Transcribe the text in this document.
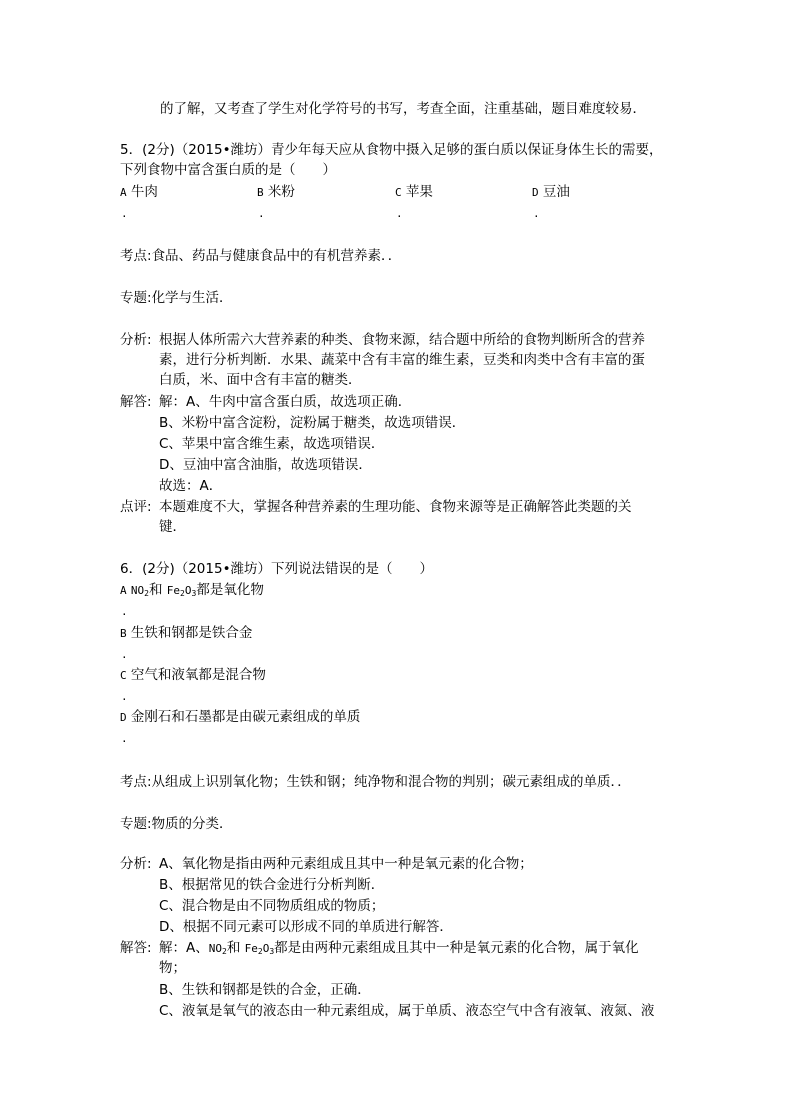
的了解，又考查了学生对化学符号的书写，考查全面，注重基础，题目难度较易．
5．(2分)（2015•潍坊）青少年每天应从食物中摄入足够的蛋白质以保证身体生长的需要，
下列食物中富含蛋白质的是（　　）
A 牛肉	B 米粉	C 苹果	D 豆油
.	.	.	.
考点:食品、药品与健康食品中的有机营养素．．
专题:化学与生活．
分析: 根据人体所需六大营养素的种类、食物来源，结合题中所给的食物判断所含的营养
素，进行分析判断．水果、蔬菜中含有丰富的维生素，豆类和肉类中含有丰富的蛋
白质，米、面中含有丰富的糖类．
解答: 解：A、牛肉中富含蛋白质，故选项正确．
B、米粉中富含淀粉，淀粉属于糖类，故选项错误．
C、苹果中富含维生素，故选项错误．
D、豆油中富含油脂，故选项错误．
故选：A．
点评: 本题难度不大，掌握各种营养素的生理功能、食物来源等是正确解答此类题的关
键．
6．(2分)（2015•潍坊）下列说法错误的是（　　）
A $NO_2$和 $Fe_2O_3$都是氧化物
.
B 生铁和钢都是铁合金
.
C 空气和液氧都是混合物
.
D 金刚石和石墨都是由碳元素组成的单质
.
考点:从组成上识别氧化物；生铁和钢；纯净物和混合物的判别；碳元素组成的单质．．
专题:物质的分类．
分析: A、氧化物是指由两种元素组成且其中一种是氧元素的化合物；
B、根据常见的铁合金进行分析判断．
C、混合物是由不同物质组成的物质；
D、根据不同元素可以形成不同的单质进行解答．
解答: 解：A、$NO_2$和 $Fe_2O_3$都是由两种元素组成且其中一种是氧元素的化合物，属于氧化
物；
B、生铁和钢都是铁的合金，正确．
C、液氧是氧气的液态由一种元素组成，属于单质、液态空气中含有液氧、液氮、液
